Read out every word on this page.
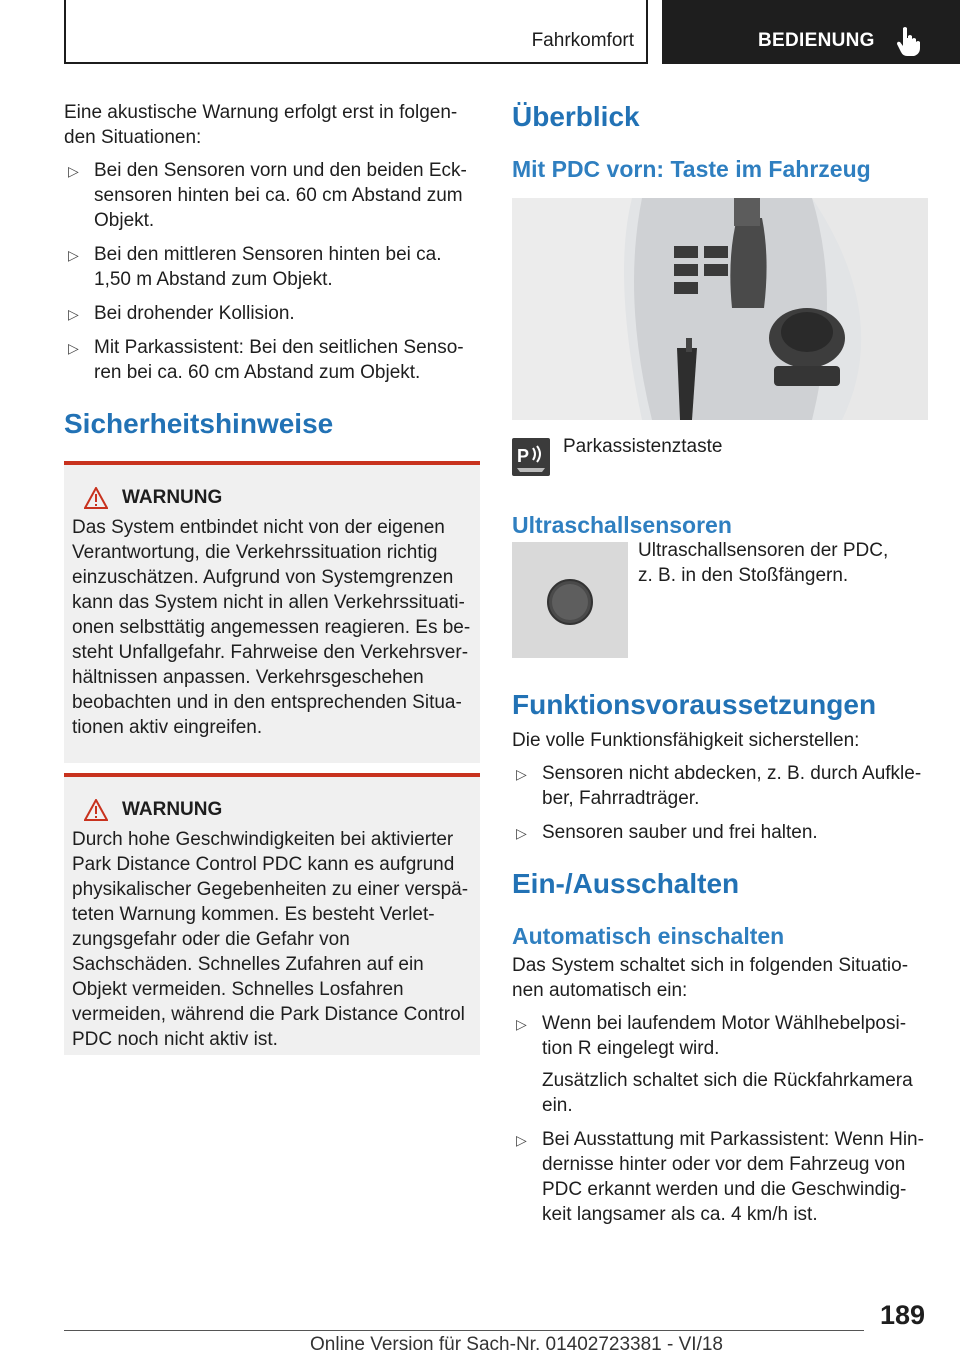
Fahrkomfort	BEDIENUNG

Eine akustische Warnung erfolgt erst in folgen-den Situationen:

▷ Bei den Sensoren vorn und den beiden Eck-sensoren hinten bei ca. 60 cm Abstand zum Objekt.
▷ Bei den mittleren Sensoren hinten bei ca. 1,50 m Abstand zum Objekt.
▷ Bei drohender Kollision.
▷ Mit Parkassistent: Bei den seitlichen Senso-ren bei ca. 60 cm Abstand zum Objekt.
Sicherheitshinweise
WARNUNG

Das System entbindet nicht von der eigenen Verantwortung, die Verkehrssituation richtig einzuschätzen. Aufgrund von Systemgrenzen kann das System nicht in allen Verkehrssituati-onen selbsttätig angemessen reagieren. Es be-steht Unfallgefahr. Fahrweise den Verkehrsver-hältnissen anpassen. Verkehrsgeschehen beobachten und in den entsprechenden Situa-tionen aktiv eingreifen.

WARNUNG

Durch hohe Geschwindigkeiten bei aktivierter Park Distance Control PDC kann es aufgrund physikalischer Gegebenheiten zu einer verspä-teten Warnung kommen. Es besteht Verlet-zungsgefahr oder die Gefahr von Sachschäden. Schnelles Zufahren auf ein Objekt vermeiden. Schnelles Losfahren vermeiden, während die Park Distance Control PDC noch nicht aktiv ist.

Überblick
Mit PDC vorn: Taste im Fahrzeug
P Parkassistenztaste
Ultraschallsensoren

Ultraschallsensoren der PDC, z. B. in den Stoßfängern.

Funktionsvoraussetzungen

Die volle Funktionsfähigkeit sicherstellen:

▷ Sensoren nicht abdecken, z. B. durch Aufkle-ber, Fahrradträger.
▷ Sensoren sauber und frei halten.
Ein-/Ausschalten
Automatisch einschalten

Das System schaltet sich in folgenden Situatio-nen automatisch ein:

▷ Wenn bei laufendem Motor Wählhebelposi-tion R eingelegt wird.
Zusätzlich schaltet sich die Rückfahrkamera ein.
▷ Bei Ausstattung mit Parkassistent: Wenn Hin-dernisse hinter oder vor dem Fahrzeug von PDC erkannt werden und die Geschwindig-keit langsamer als ca. 4 km/h ist.
189
Online Version für Sach-Nr. 01402723381 - VI/18
